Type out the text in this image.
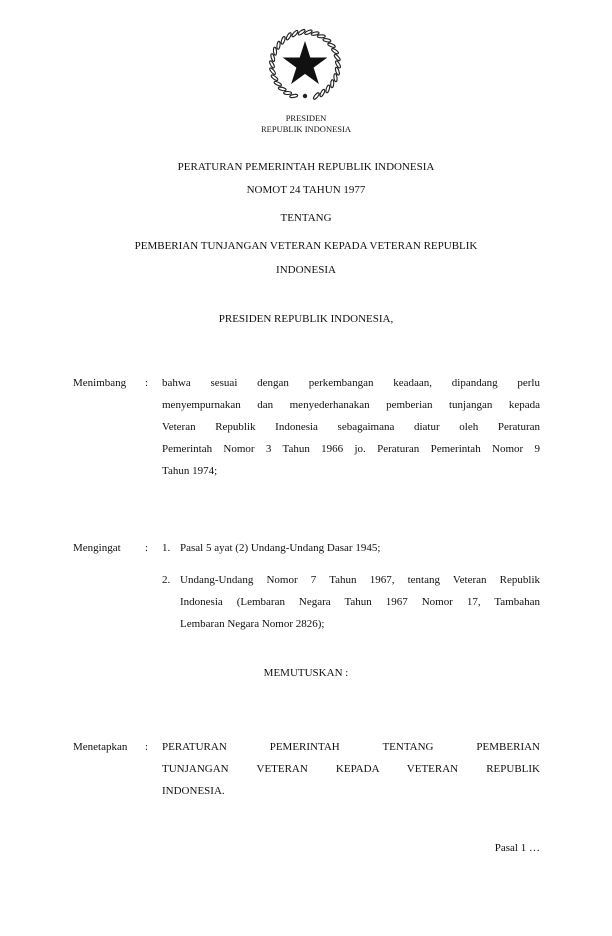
PRESIDEN
REPUBLIK INDONESIA
PERATURAN PEMERINTAH REPUBLIK INDONESIA
NOMOT 24 TAHUN 1977
TENTANG
PEMBERIAN TUNJANGAN VETERAN KEPADA VETERAN REPUBLIK
INDONESIA
PRESIDEN REPUBLIK INDONESIA,
Menimbang : bahwa sesuai dengan perkembangan keadaan, dipandang perlu
menyempurnakan dan menyederhanakan pemberian tunjangan kepada
Veteran Republik Indonesia sebagaimana diatur oleh Peraturan
Pemerintah Nomor 3 Tahun 1966 jo. Peraturan Pemerintah Nomor 9
Tahun 1974;
Mengingat : 1. Pasal 5 ayat (2) Undang-Undang Dasar 1945;
2. Undang-Undang Nomor 7 Tahun 1967, tentang Veteran Republik
Indonesia (Lembaran Negara Tahun 1967 Nomor 17, Tambahan
Lembaran Negara Nomor 2826);
MEMUTUSKAN :
Menetapkan : PERATURAN PEMERINTAH TENTANG PEMBERIAN
TUNJANGAN VETERAN KEPADA VETERAN REPUBLIK
INDONESIA.
Pasal 1 …
